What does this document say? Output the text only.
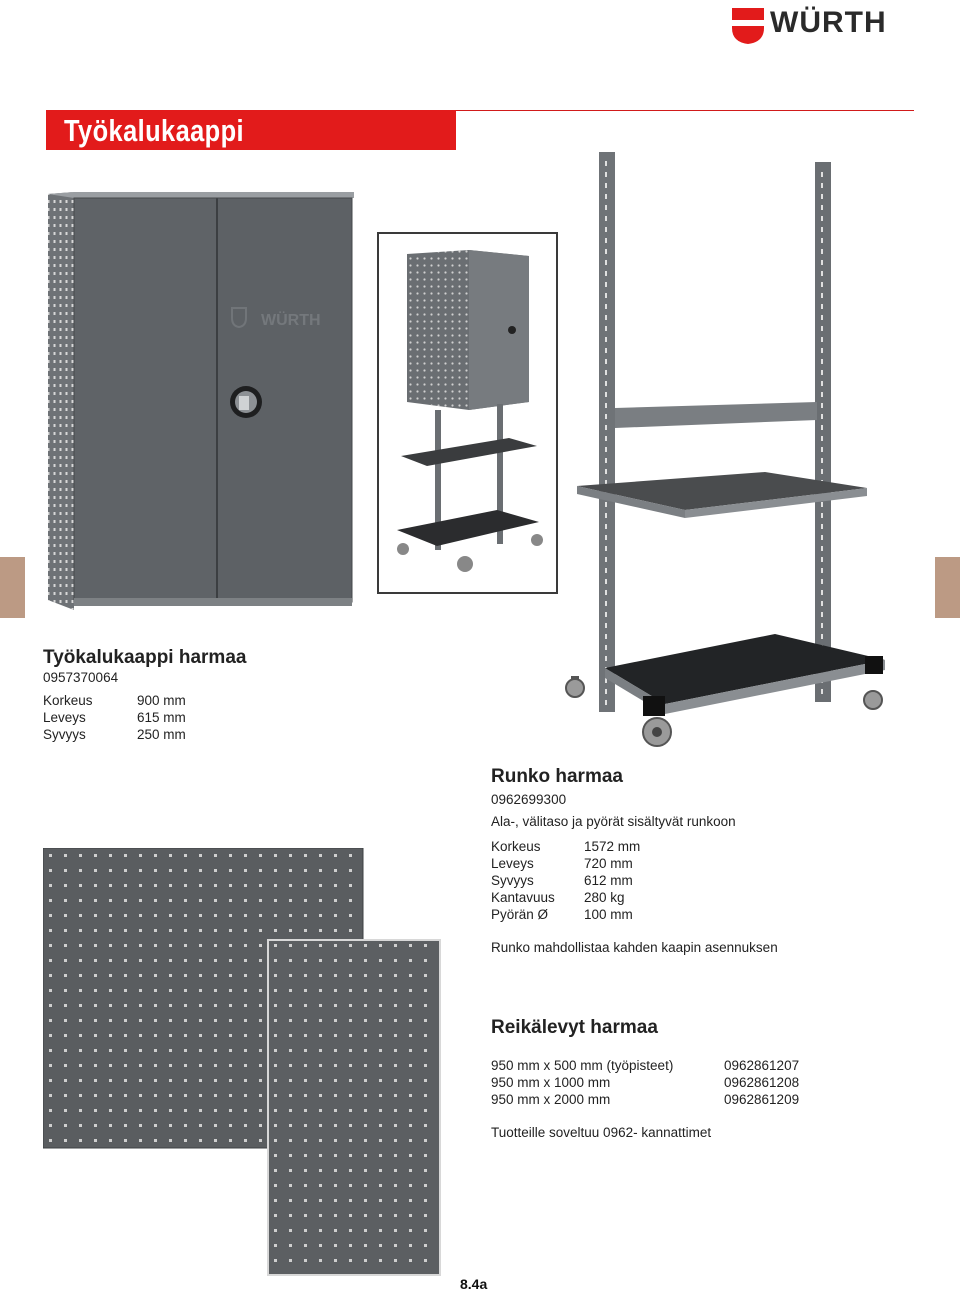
WÜRTH
Työkalukaappi
WÜRTH
Työkalukaappi harmaa
0957370064
Korkeus	900 mm
Leveys	615 mm
Syvyys	250 mm
Runko harmaa
0962699300
Ala-, välitaso ja pyörät sisältyvät runkoon
Korkeus	1572 mm
Leveys	720 mm
Syvyys	612 mm
Kantavuus 280 kg
Pyörän Ø	100 mm
Runko mahdollistaa kahden kaapin asennuksen
Reikälevyt harmaa
950 mm x 500 mm (työpisteet)	0962861207
950 mm x 1000 mm	0962861208
950 mm x 2000 mm	0962861209
Tuotteille soveltuu 0962- kannattimet
8.4a
